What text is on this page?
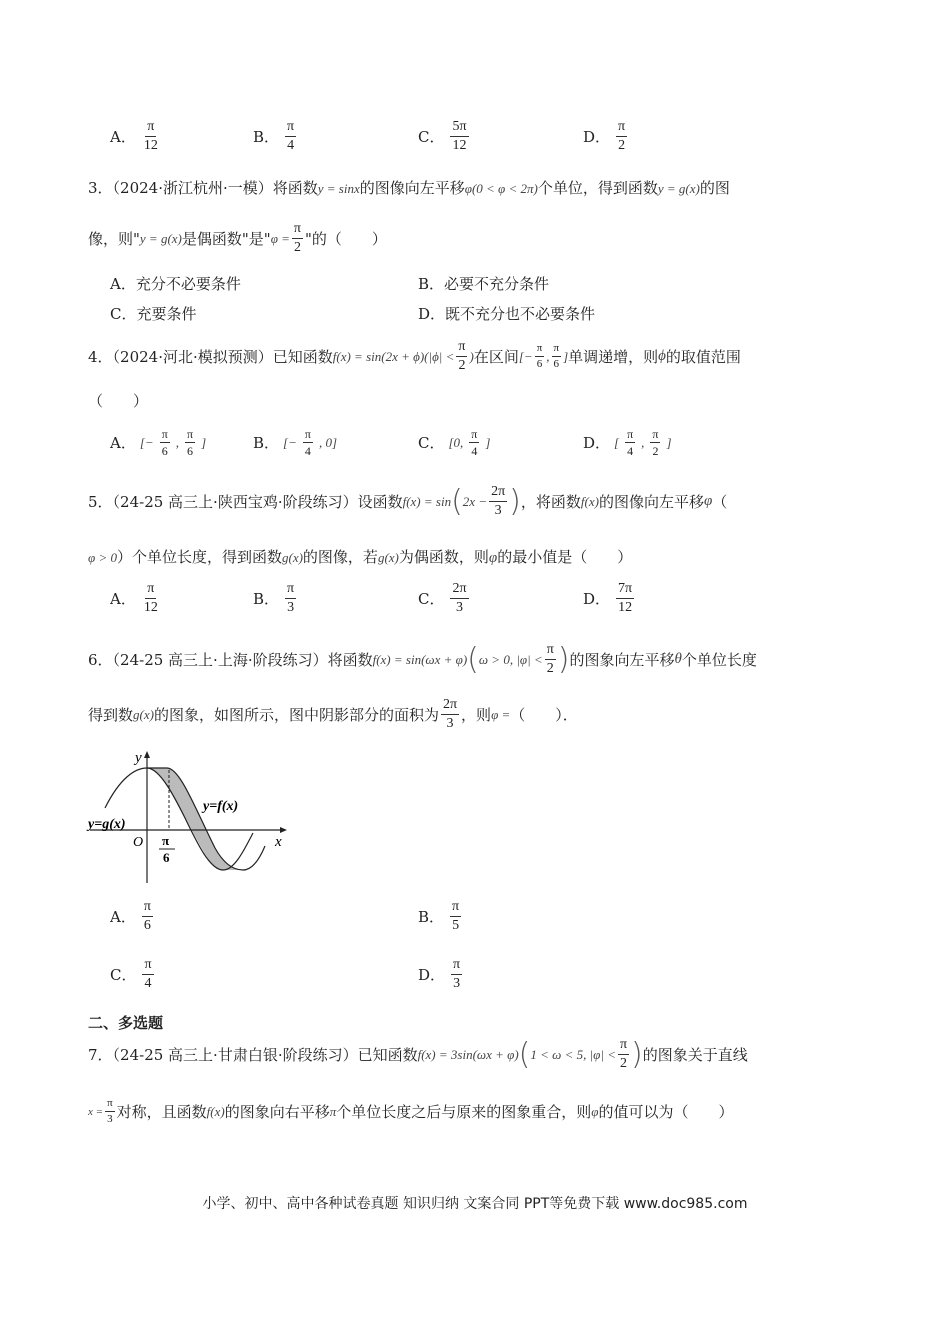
A． $\frac{\pi}{12}$	B． $\frac{\pi}{4}$	C． $\frac{5\pi}{12}$	D． $\frac{\pi}{2}$
3．（2024·浙江杭州·一模）将函数y = sinx的图像向左平移φ(0 < φ < 2π)个单位，得到函数y = g(x)的图
像，则" y = g(x) 是偶函数"是" $\varphi = \frac{\pi}{2}$ "的（　　）
A．充分不必要条件	B．必要不充分条件
C．充要条件	D．既不充分也不必要条件
4．（2024·河北·模拟预测）已知函数 $f(x) = \sin(2x + \phi)(|\phi| < \frac{\pi}{2}$ ) 在区间 [− $\frac{\pi}{6}$ , $\frac{\pi}{6}$ ] 单调递增，则 ϕ 的取值范围
（　　）
A． [− $\frac{\pi}{6}$ , $\frac{\pi}{6}$ ]	B． [− $\frac{\pi}{4}$ , 0]	C． [0, $\frac{\pi}{4}$ ]	D． [ $\frac{\pi}{4}$ , $\frac{\pi}{2}$ ]
5．（24-25 高三上·陕西宝鸡·阶段练习）设函数 f(x) = sin ( $2x - \frac{2\pi}{3}$ ) ，将函数 f(x) 的图像向左平移 φ （
φ > 0）个单位长度，得到函数g(x)的图像，若g(x)为偶函数，则φ的最小值是（　　）
A． $\frac{\pi}{12}$	B． $\frac{\pi}{3}$	C． $\frac{2\pi}{3}$	D． $\frac{7\pi}{12}$
6．（24-25 高三上·上海·阶段练习）将函数 f(x) = sin(ωx + φ) ( ω > 0, $|\varphi| < \frac{\pi}{2}$ ) 的图象向左平移 θ 个单位长度
得到数 g(x) 的图象，如图所示，图中阴影部分的面积为 $\frac{2\pi}{3}$ ，则 φ = （　　）．
y
x
O
y=g(x)
y=f(x)
π
6
A． $\frac{\pi}{6}$	B． $\frac{\pi}{5}$
C． $\frac{\pi}{4}$	D． $\frac{\pi}{3}$
二、多选题
7．（24-25 高三上·甘肃白银·阶段练习）已知函数 f(x) = 3sin(ωx + φ) ( 1 < ω < 5, $|\varphi| < \frac{\pi}{2}$ ) 的图象关于直线
$x = \frac{\pi}{3}$ 对称，且函数 f(x) 的图象向右平移 π 个单位长度之后与原来的图象重合，则 φ 的值可以为（　　）
小学、初中、高中各种试卷真题 知识归纳 文案合同 PPT等免费下载 www.doc985.com
